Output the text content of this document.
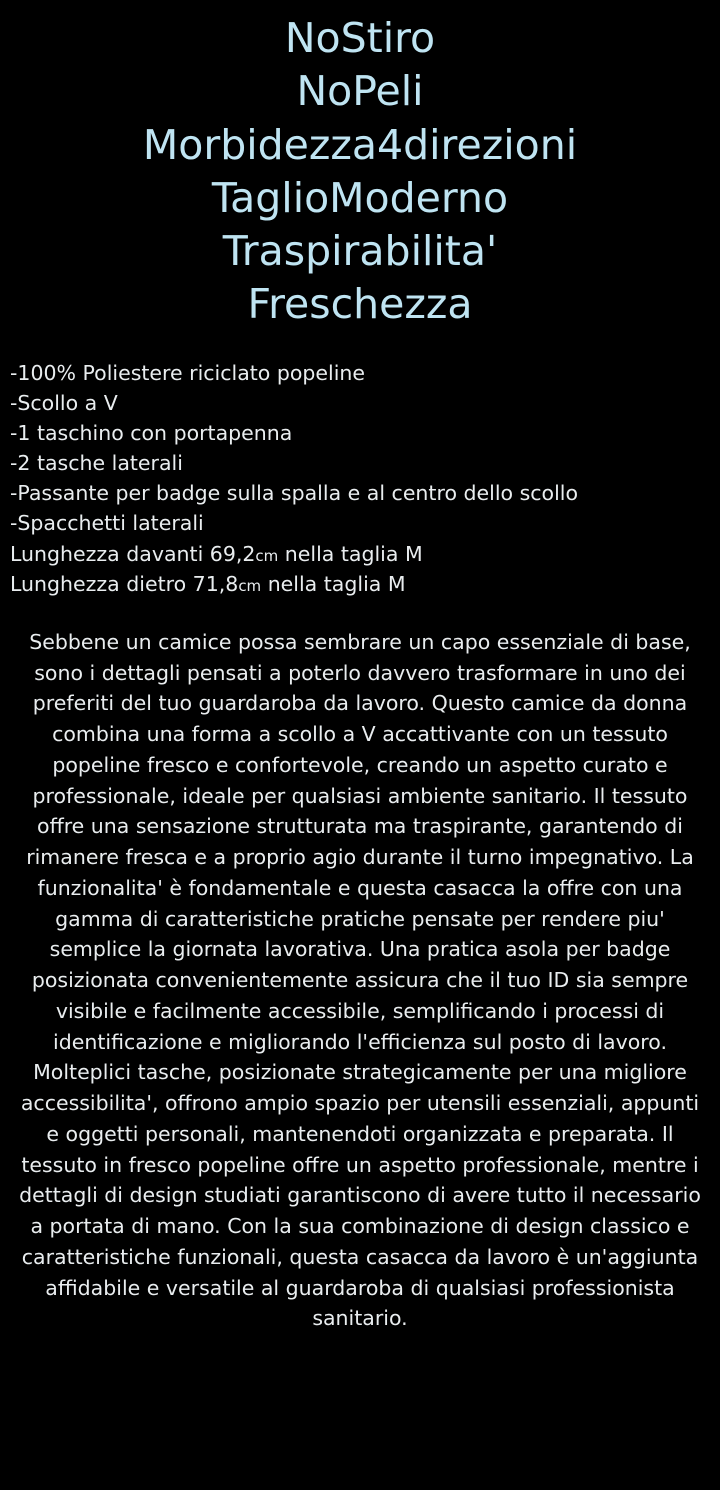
NoStiro
NoPeli
Morbidezza4direzioni
TaglioModerno
Traspirabilita'
Freschezza
-100% Poliestere riciclato popeline
-Scollo a V
-1 taschino con portapenna
-2 tasche laterali
-Passante per badge sulla spalla e al centro dello scollo
-Spacchetti laterali
Lunghezza davanti 69,2cm nella taglia M
Lunghezza dietro 71,8cm nella taglia M

Sebbene un camice possa sembrare un capo essenziale di base, sono i dettagli pensati a poterlo davvero trasformare in uno dei preferiti del tuo guardaroba da lavoro. Questo camice da donna combina una forma a scollo a V accattivante con un tessuto popeline fresco e confortevole, creando un aspetto curato e professionale, ideale per qualsiasi ambiente sanitario. Il tessuto offre una sensazione strutturata ma traspirante, garantendo di rimanere fresca e a proprio agio durante il turno impegnativo. La funzionalita' è fondamentale e questa casacca la offre con una gamma di caratteristiche pratiche pensate per rendere piu' semplice la giornata lavorativa. Una pratica asola per badge posizionata convenientemente assicura che il tuo ID sia sempre visibile e facilmente accessibile, semplificando i processi di identificazione e migliorando l'efficienza sul posto di lavoro. Molteplici tasche, posizionate strategicamente per una migliore accessibilita', offrono ampio spazio per utensili essenziali, appunti e oggetti personali, mantenendoti organizzata e preparata. Il tessuto in fresco popeline offre un aspetto professionale, mentre i dettagli di design studiati garantiscono di avere tutto il necessario a portata di mano. Con la sua combinazione di design classico e caratteristiche funzionali, questa casacca da lavoro è un'aggiunta affidabile e versatile al guardaroba di qualsiasi professionista sanitario.
